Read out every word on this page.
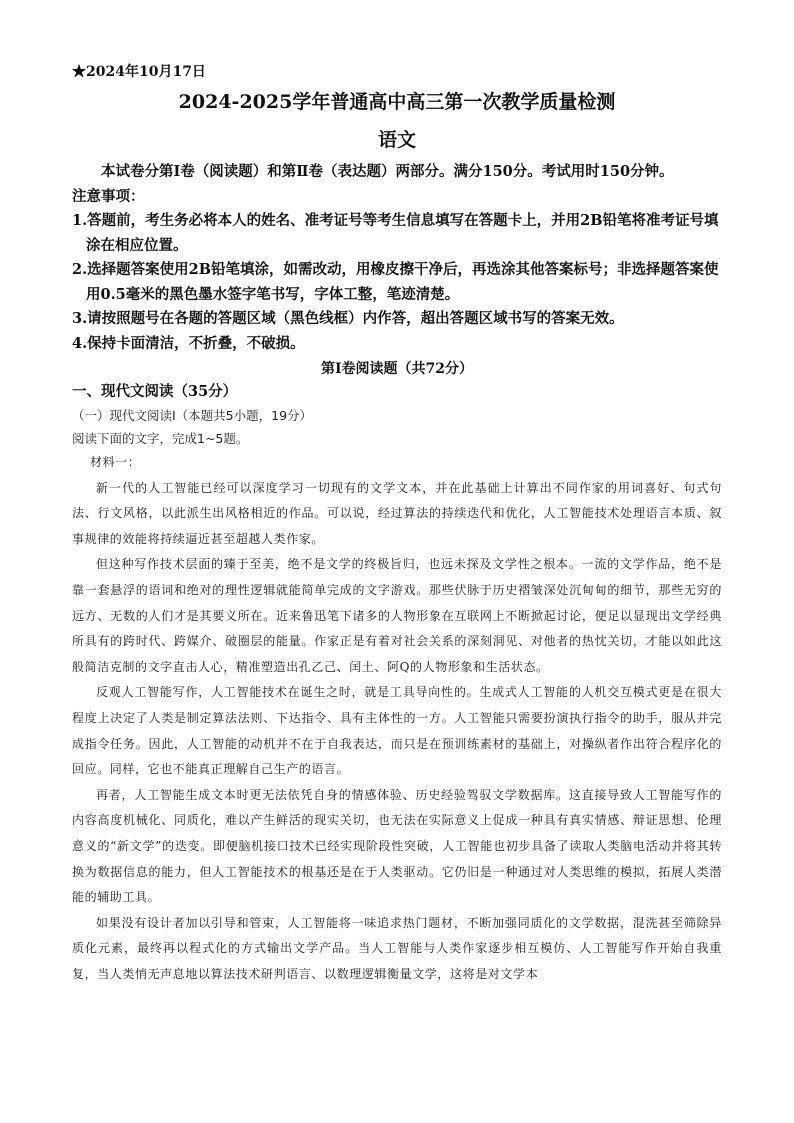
★2024年10月17日
2024-2025学年普通高中高三第一次教学质量检测
语文
本试卷分第Ⅰ卷（阅读题）和第Ⅱ卷（表达题）两部分。满分150分。考试用时150分钟。
注意事项：
1.答题前，考生务必将本人的姓名、准考证号等考生信息填写在答题卡上，并用2B铅笔将准考证号填涂在相应位置。
2.选择题答案使用2B铅笔填涂，如需改动，用橡皮擦干净后，再选涂其他答案标号；非选择题答案使用0.5毫米的黑色墨水签字笔书写，字体工整，笔迹清楚。
3.请按照题号在各题的答题区域（黑色线框）内作答，超出答题区域书写的答案无效。
4.保持卡面清洁，不折叠，不破损。
第Ⅰ卷阅读题（共72分）
一、现代文阅读（35分）
（一）现代文阅读Ⅰ（本题共5小题，19分）
阅读下面的文字，完成1~5题。
材料一：
新一代的人工智能已经可以深度学习一切现有的文学文本，并在此基础上计算出不同作家的用词喜好、句式句法、行文风格，以此派生出风格相近的作品。可以说，经过算法的持续迭代和优化，人工智能技术处理语言本质、叙事规律的效能将持续逼近甚至超越人类作家。
但这种写作技术层面的臻于至美，绝不是文学的终极旨归，也远未探及文学性之根本。一流的文学作品，绝不是靠一套悬浮的语词和绝对的理性逻辑就能简单完成的文字游戏。那些伏脉于历史褶皱深处沉甸甸的细节，那些无穷的远方、无数的人们才是其要义所在。近来鲁迅笔下诸多的人物形象在互联网上不断掀起讨论，便足以显现出文学经典所具有的跨时代、跨媒介、破圈层的能量。作家正是有着对社会关系的深刻洞见、对他者的热忱关切，才能以如此这般简洁克制的文字直击人心，精准塑造出孔乙己、闰土、阿Q的人物形象和生活状态。
反观人工智能写作，人工智能技术在诞生之时，就是工具导向性的。生成式人工智能的人机交互模式更是在很大程度上决定了人类是制定算法法则、下达指令、具有主体性的一方。人工智能只需要扮演执行指令的助手，服从并完成指令任务。因此，人工智能的动机并不在于自我表达，而只是在预训练素材的基础上，对操纵者作出符合程序化的回应。同样，它也不能真正理解自己生产的语言。
再者，人工智能生成文本时更无法依凭自身的情感体验、历史经验驾驭文学数据库。这直接导致人工智能写作的内容高度机械化、同质化，难以产生鲜活的现实关切，也无法在实际意义上促成一种具有真实情感、辩证思想、伦理意义的“新文学”的迭变。即便脑机接口技术已经实现阶段性突破，人工智能也初步具备了读取人类脑电活动并将其转换为数据信息的能力，但人工智能技术的根基还是在于人类驱动。它仍旧是一种通过对人类思维的模拟，拓展人类潜能的辅助工具。
如果没有设计者加以引导和管束，人工智能将一味追求热门题材，不断加强同质化的文学数据，混洗甚至筛除异质化元素，最终再以程式化的方式输出文学产品。当人工智能与人类作家逐步相互模仿、人工智能写作开始自我重复，当人类悄无声息地以算法技术研判语言、以数理逻辑衡量文学，这将是对文学本
